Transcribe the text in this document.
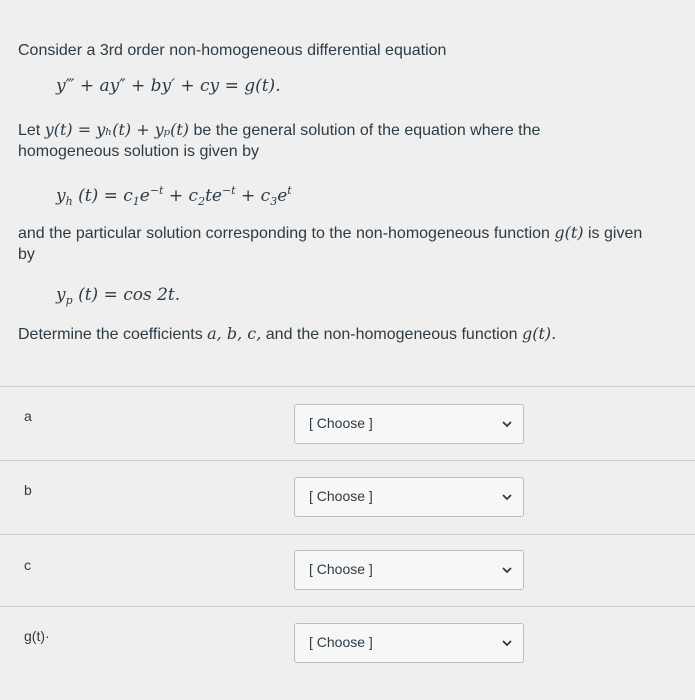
Consider a 3rd order non-homogeneous differential equation
y‴ + ay″ + by′ + cy = g(t).
Let y(t) = yₕ(t) + yₚ(t) be the general solution of the equation where the
homogeneous solution is given by
$y_h$ $(t) = c_1e^{-t} + c_2te^{-t} + c_3e^t$
and the particular solution corresponding to the non-homogeneous function g(t) is given
by
$y_p$ (t) = cos 2t.
Determine the coefficients a, b, c, and the non-homogeneous function g(t).
a	[ Choose ]
b	[ Choose ]
c	[ Choose ]
g(t)·	[ Choose ]
